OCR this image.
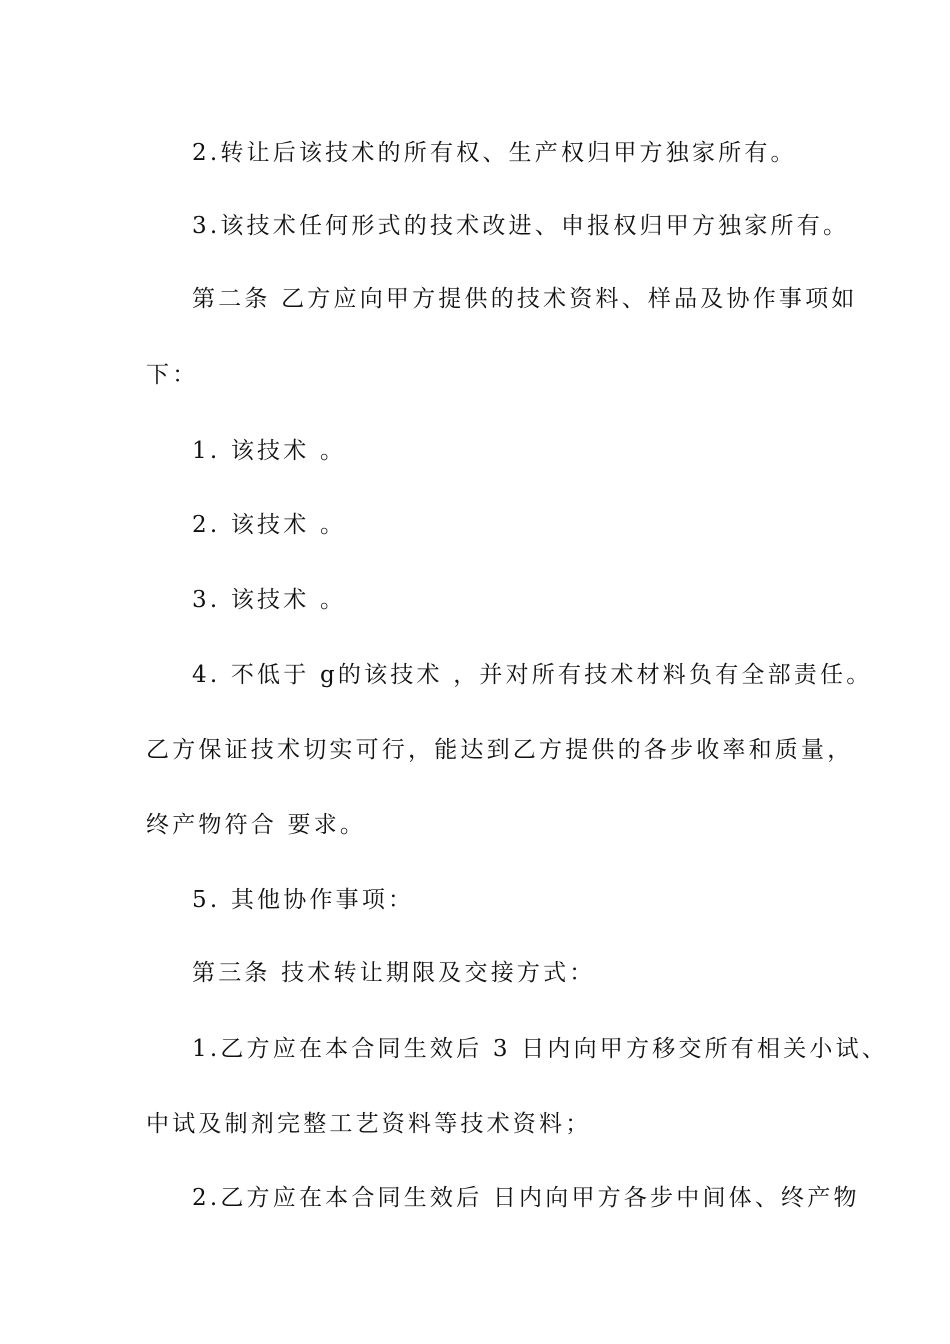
2.转让后该技术的所有权、生产权归甲方独家所有。
3.该技术任何形式的技术改进、申报权归甲方独家所有。
第二条 乙方应向甲方提供的技术资料、样品及协作事项如
下：
1. 该技术 。
2. 该技术 。
3. 该技术 。
4. 不低于 g的该技术 ，并对所有技术材料负有全部责任。
乙方保证技术切实可行，能达到乙方提供的各步收率和质量，
终产物符合 要求。
5. 其他协作事项：
第三条 技术转让期限及交接方式：
1.乙方应在本合同生效后 3 日内向甲方移交所有相关小试、
中试及制剂完整工艺资料等技术资料；
2.乙方应在本合同生效后 日内向甲方各步中间体、终产物
